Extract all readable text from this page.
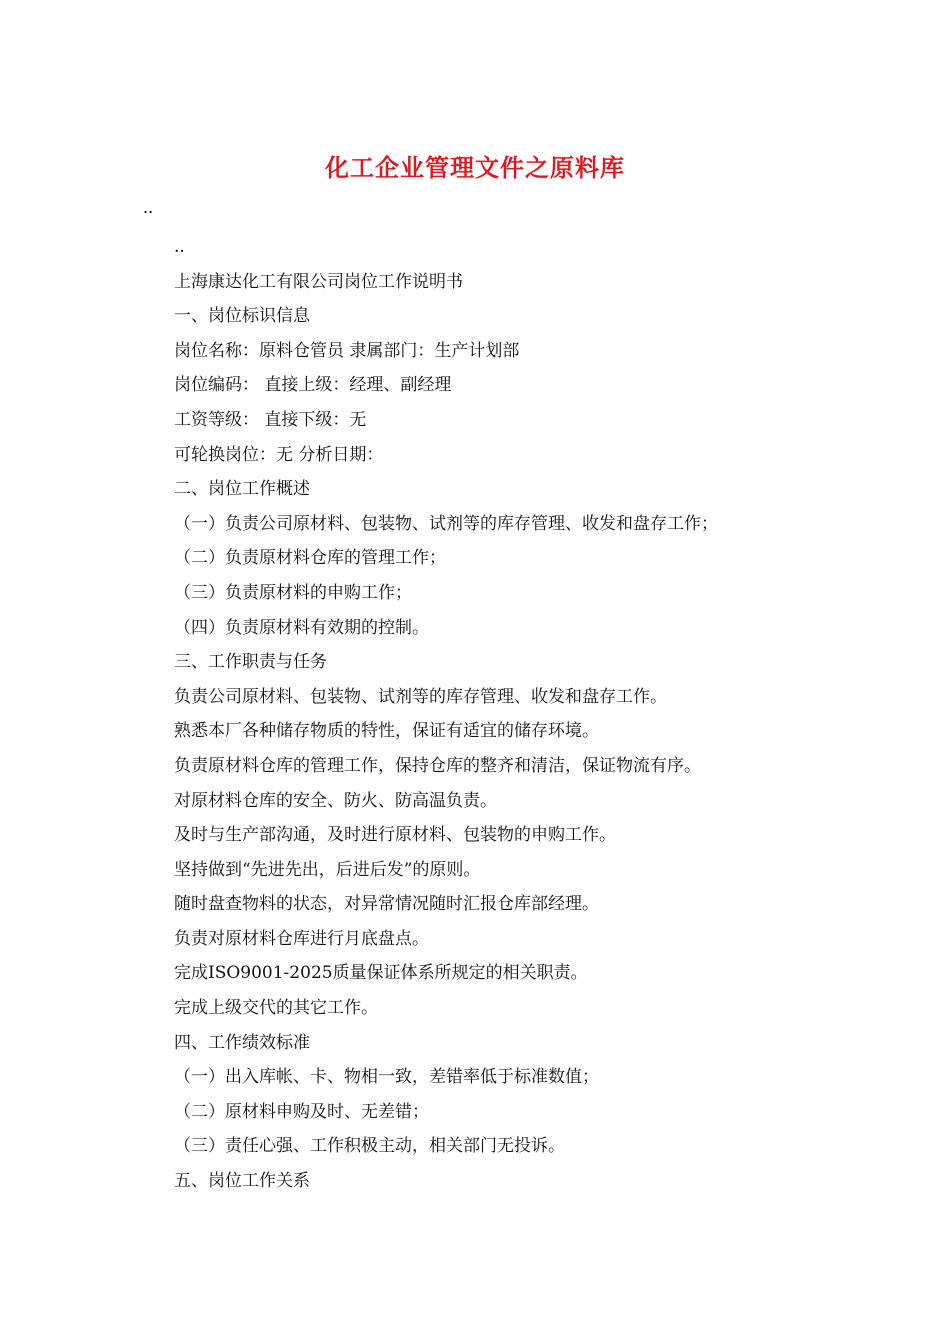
化工企业管理文件之原料库
..
..
上海康达化工有限公司岗位工作说明书
一、岗位标识信息
岗位名称：原料仓管员 隶属部门：生产计划部
岗位编码： 直接上级：经理、副经理
工资等级： 直接下级：无
可轮换岗位：无 分析日期：
二、岗位工作概述
（一）负责公司原材料、包装物、试剂等的库存管理、收发和盘存工作；
（二）负责原材料仓库的管理工作；
（三）负责原材料的申购工作；
（四）负责原材料有效期的控制。
三、工作职责与任务
负责公司原材料、包装物、试剂等的库存管理、收发和盘存工作。
熟悉本厂各种储存物质的特性，保证有适宜的储存环境。
负责原材料仓库的管理工作，保持仓库的整齐和清洁，保证物流有序。
对原材料仓库的安全、防火、防高温负责。
及时与生产部沟通，及时进行原材料、包装物的申购工作。
坚持做到“先进先出，后进后发”的原则。
随时盘查物料的状态，对异常情况随时汇报仓库部经理。
负责对原材料仓库进行月底盘点。
完成ISO9001-2025质量保证体系所规定的相关职责。
完成上级交代的其它工作。
四、工作绩效标准
（一）出入库帐、卡、物相一致，差错率低于标准数值；
（二）原材料申购及时、无差错；
（三）责任心强、工作积极主动，相关部门无投诉。
五、岗位工作关系
